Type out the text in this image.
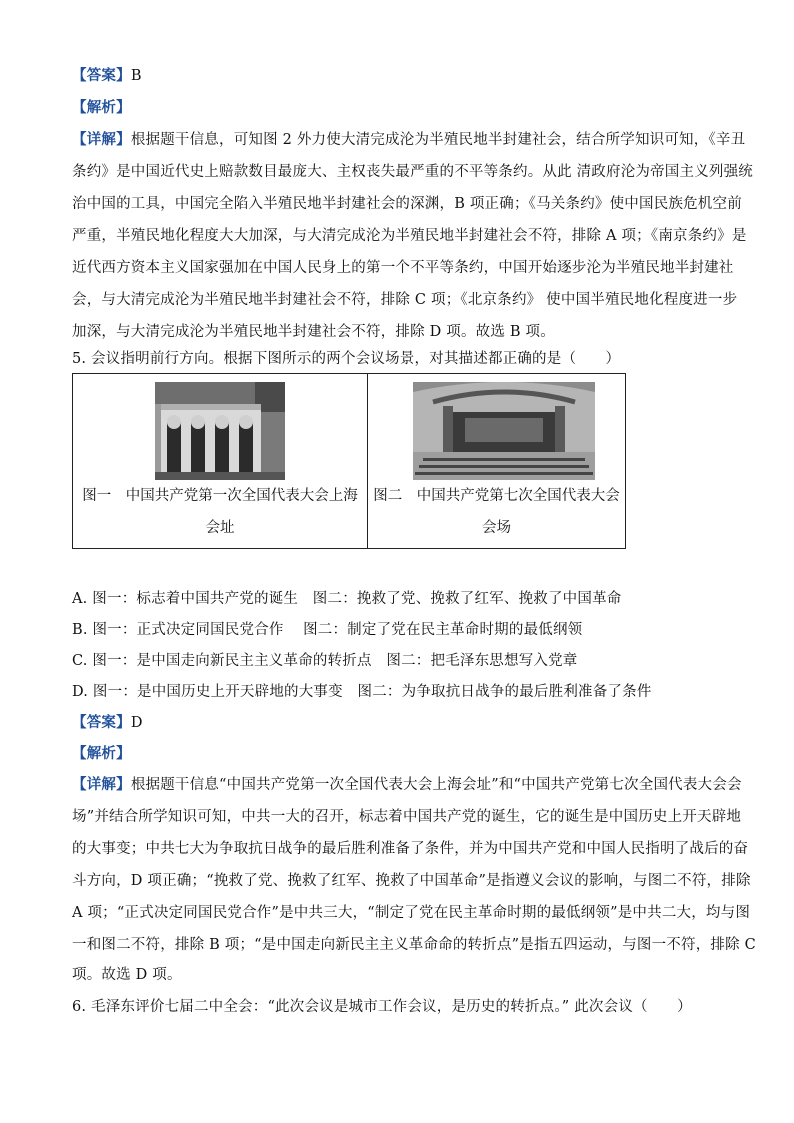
【答案】B
【解析】
【详解】根据题干信息，可知图 2 外力使大清完成沦为半殖民地半封建社会，结合所学知识可知，《辛丑
条约》是中国近代史上赔款数目最庞大、主权丧失最严重的不平等条约。从此 清政府沦为帝国主义列强统
治中国的工具，中国完全陷入半殖民地半封建社会的深渊，B 项正确；《马关条约》使中国民族危机空前
严重，半殖民地化程度大大加深，与大清完成沦为半殖民地半封建社会不符，排除 A 项；《南京条约》是
近代西方资本主义国家强加在中国人民身上的第一个不平等条约，中国开始逐步沦为半殖民地半封建社
会，与大清完成沦为半殖民地半封建社会不符，排除 C 项；《北京条约》 使中国半殖民地化程度进一步
加深，与大清完成沦为半殖民地半封建社会不符，排除 D 项。故选 B 项。
5. 会议指明前行方向。根据下图所示的两个会议场景，对其描述都正确的是（　　）
图一　中国共产党第一次全国代表大会上海
会址
图二　中国共产党第七次全国代表大会
会场
A. 图一：标志着中国共产党的诞生　图二：挽救了党、挽救了红军、挽救了中国革命
B. 图一：正式决定同国民党合作　 图二：制定了党在民主革命时期的最低纲领
C. 图一：是中国走向新民主主义革命的转折点　图二：把毛泽东思想写入党章
D. 图一：是中国历史上开天辟地的大事变　图二：为争取抗日战争的最后胜利准备了条件
【答案】D
【解析】
【详解】根据题干信息“中国共产党第一次全国代表大会上海会址”和“中国共产党第七次全国代表大会会
场”并结合所学知识可知，中共一大的召开，标志着中国共产党的诞生，它的诞生是中国历史上开天辟地
的大事变；中共七大为争取抗日战争的最后胜利准备了条件，并为中国共产党和中国人民指明了战后的奋
斗方向，D 项正确；“挽救了党、挽救了红军、挽救了中国革命”是指遵义会议的影响，与图二不符，排除
A 项；“正式决定同国民党合作”是中共三大，“制定了党在民主革命时期的最低纲领”是中共二大，均与图
一和图二不符，排除 B 项；“是中国走向新民主主义革命命的转折点”是指五四运动，与图一不符，排除 C
项。故选 D 项。
6. 毛泽东评价七届二中全会：“此次会议是城市工作会议，是历史的转折点。” 此次会议（　　）
